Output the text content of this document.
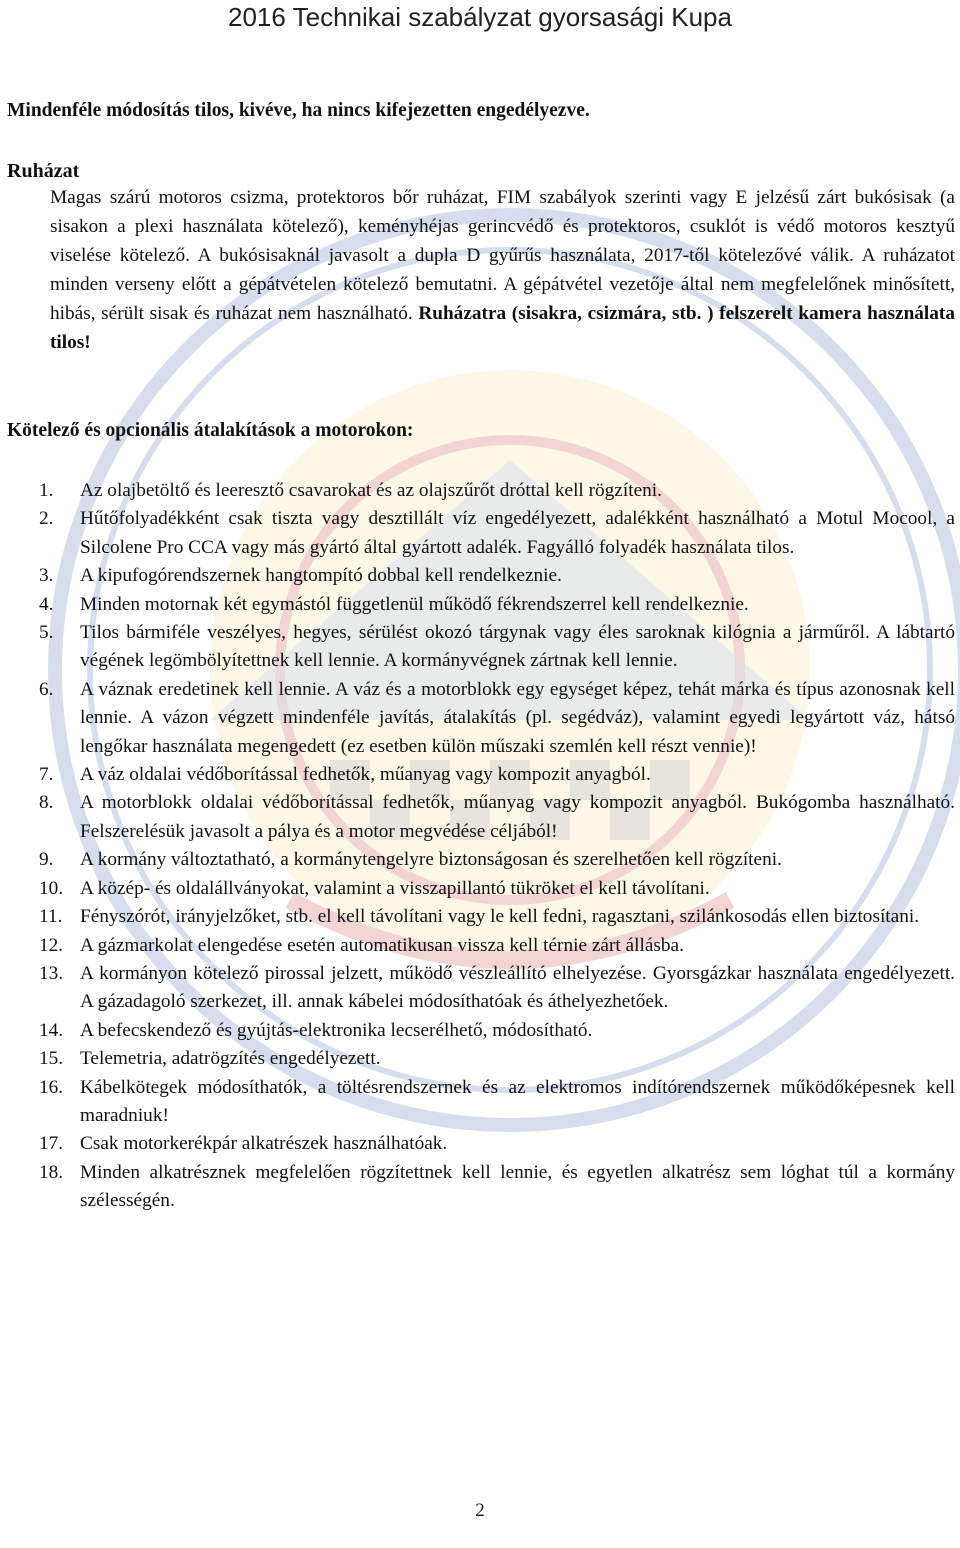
2016 Technikai szabályzat gyorsasági Kupa
Mindenféle módosítás tilos, kivéve, ha nincs kifejezetten engedélyezve.
Ruházat
Magas szárú motoros csizma, protektoros bőr ruházat, FIM szabályok szerinti vagy E jelzésű zárt bukósisak (a sisakon a plexi használata kötelező), keményhéjas gerincvédő és protektoros, csuklót is védő motoros kesztyű viselése kötelező. A bukósisaknál javasolt a dupla D gyűrűs használata, 2017-től kötelezővé válik. A ruházatot minden verseny előtt a gépátvételen kötelező bemutatni. A gépátvétel vezetője által nem megfelelőnek minősített, hibás, sérült sisak és ruházat nem használható. Ruházatra (sisakra, csizmára, stb. ) felszerelt kamera használata tilos!
Kötelező és opcionális átalakítások a motorokon:
1. Az olajbetöltő és leeresztő csavarokat és az olajszűrőt dróttal kell rögzíteni.
2. Hűtőfolyadékként csak tiszta vagy desztillált víz engedélyezett, adalékként használható a Motul Mocool, a Silcolene Pro CCA vagy más gyártó által gyártott adalék. Fagyálló folyadék használata tilos.
3. A kipufogórendszernek hangtompító dobbal kell rendelkeznie.
4. Minden motornak két egymástól függetlenül működő fékrendszerrel kell rendelkeznie.
5. Tilos bármiféle veszélyes, hegyes, sérülést okozó tárgynak vagy éles saroknak kilógnia a járműről. A lábtartó végének legömbölyítettnek kell lennie. A kormányvégnek zártnak kell lennie.
6. A váznak eredetinek kell lennie. A váz és a motorblokk egy egységet képez, tehát márka és típus azonosnak kell lennie. A vázon végzett mindenféle javítás, átalakítás (pl. segédváz), valamint egyedi legyártott váz, hátsó lengőkar használata megengedett (ez esetben külön műszaki szemlén kell részt vennie)!
7. A váz oldalai védőborítással fedhetők, műanyag vagy kompozit anyagból.
8. A motorblokk oldalai védőborítással fedhetők, műanyag vagy kompozit anyagból. Bukógomba használható. Felszerelésük javasolt a pálya és a motor megvédése céljából!
9. A kormány változtatható, a kormánytengelyre biztonságosan és szerelhetően kell rögzíteni.
10. A közép- és oldalállványokat, valamint a visszapillantó tükröket el kell távolítani.
11. Fényszórót, irányjelzőket, stb. el kell távolítani vagy le kell fedni, ragasztani, szilánkosodás ellen biztosítani.
12. A gázmarkolat elengedése esetén automatikusan vissza kell térnie zárt állásba.
13. A kormányon kötelező pirossal jelzett, működő vészleállító elhelyezése. Gyorsgázkar használata engedélyezett. A gázadagoló szerkezet, ill. annak kábelei módosíthatóak és áthelyezhetőek.
14. A befecskendező és gyújtás-elektronika lecserélhető, módosítható.
15. Telemetria, adatrögzítés engedélyezett.
16. Kábelkötegek módosíthatók, a töltésrendszernek és az elektromos indítórendszernek működőképesnek kell maradniuk!
17. Csak motorkerékpár alkatrészek használhatóak.
18. Minden alkatrésznek megfelelően rögzítettnek kell lennie, és egyetlen alkatrész sem lóghat túl a kormány szélességén.
2
